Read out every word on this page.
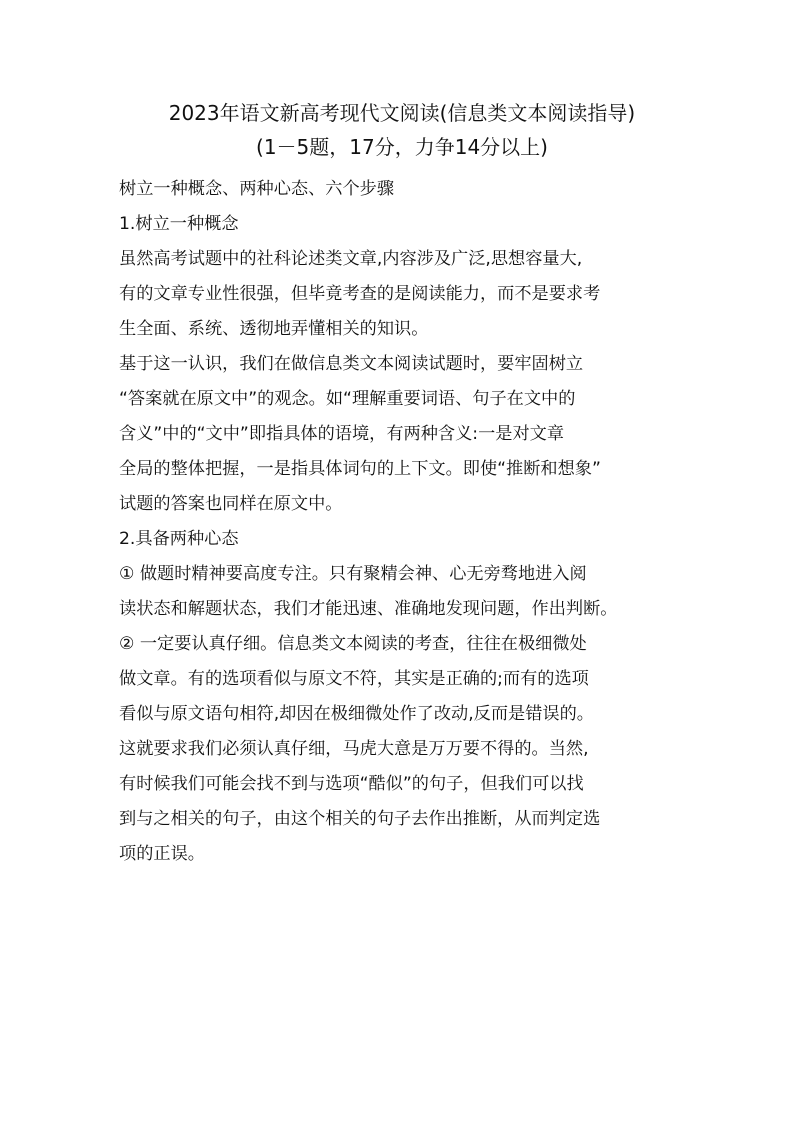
2023年语文新高考现代文阅读(信息类文本阅读指导)
(1－5题，17分，力争14分以上)

树立一种概念、两种心态、六个步骤

1.树立一种概念

虽然高考试题中的社科论述类文章,内容涉及广泛,思想容量大,

有的文章专业性很强，但毕竟考查的是阅读能力，而不是要求考

生全面、系统、透彻地弄懂相关的知识。

基于这一认识，我们在做信息类文本阅读试题时，要牢固树立

“答案就在原文中”的观念。如“理解重要词语、句子在文中的

含义”中的“文中”即指具体的语境，有两种含义:一是对文章

全局的整体把握，一是指具体词句的上下文。即使“推断和想象”

试题的答案也同样在原文中。

2.具备两种心态

① 做题时精神要高度专注。只有聚精会神、心无旁骛地进入阅

读状态和解题状态，我们才能迅速、准确地发现问题，作出判断。

② 一定要认真仔细。信息类文本阅读的考查，往往在极细微处

做文章。有的选项看似与原文不符，其实是正确的;而有的选项

看似与原文语句相符,却因在极细微处作了改动,反而是错误的。

这就要求我们必须认真仔细，马虎大意是万万要不得的。当然,

有时候我们可能会找不到与选项“酷似”的句子，但我们可以找

到与之相关的句子，由这个相关的句子去作出推断，从而判定选

项的正误。
